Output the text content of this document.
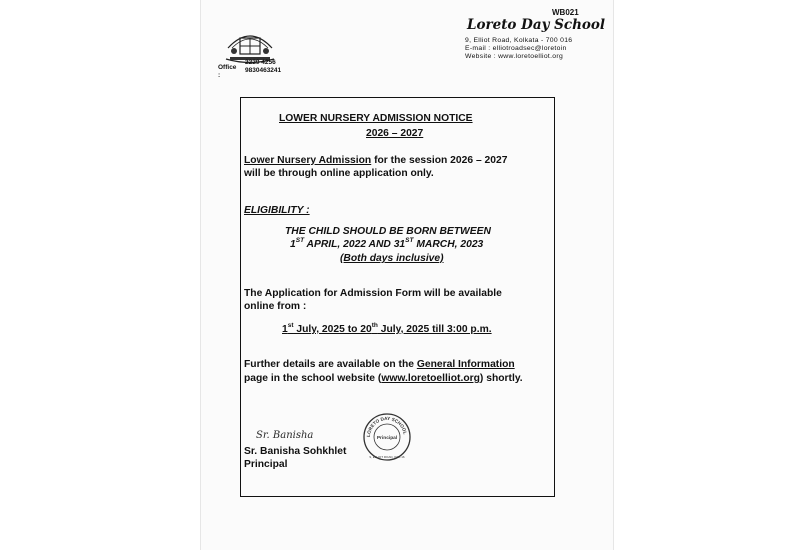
Office :
2229 4256
9830463241
WB021
Loreto Day School
9, Elliot Road, Kolkata - 700 016
E-mail : elliotroadsec@loretoin
Website : www.loretoelliot.org
LOWER NURSERY ADMISSION NOTICE
2026 – 2027
Lower Nursery Admission for the session 2026 – 2027
will be through online application only.
ELIGIBILITY :
THE CHILD SHOULD BE BORN BETWEEN
1ST APRIL, 2022 AND 31ST MARCH, 2023
(Both days inclusive)
The Application for Admission Form will be available
online from :
1st July, 2025 to 20th July, 2025 till 3:00 p.m.
Further details are available on the General Information
page in the school website (www.loretoelliot.org) shortly.
Sr. Banisha
Sr. Banisha Sohkhlet
Principal
LORETO DAY SCHOOL
Principal
9, ELLIOT ROAD, KOL-16
